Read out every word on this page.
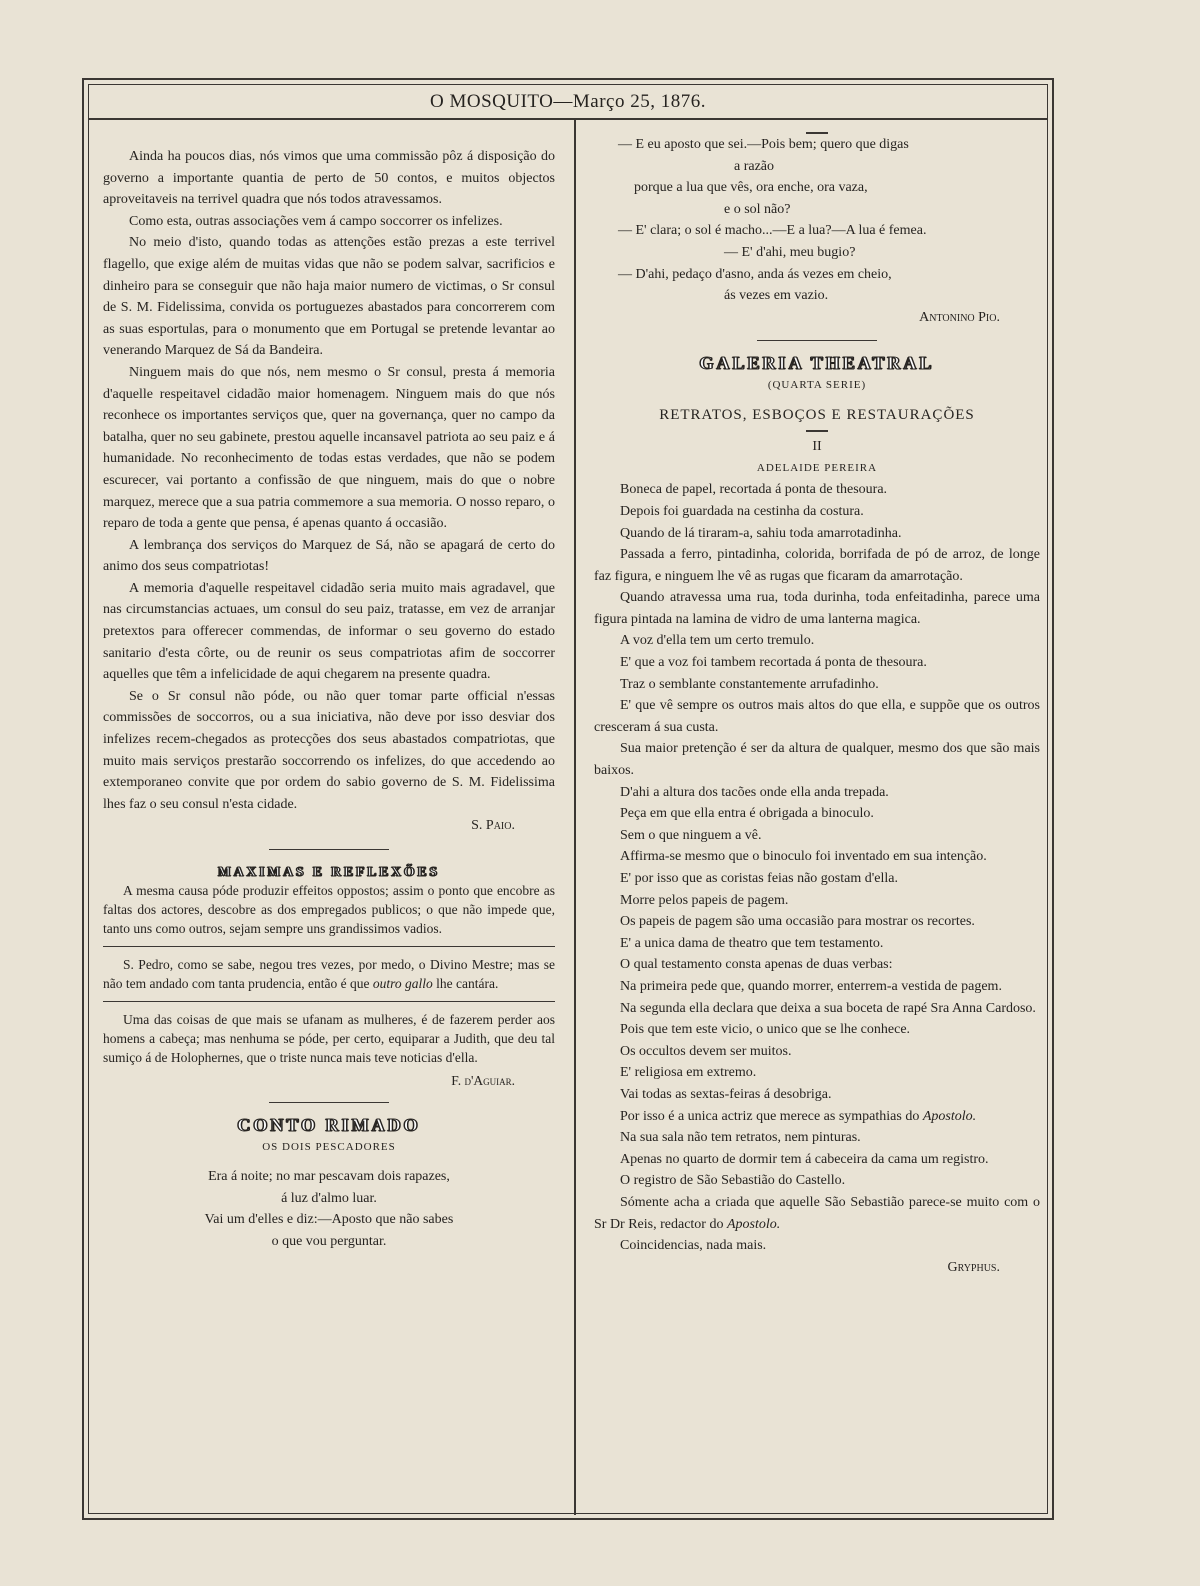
O MOSQUITO—Março 25, 1876.

Ainda ha poucos dias, nós vimos que uma commissão pôz á disposição do governo a importante quantia de perto de 50 contos, e muitos objectos aproveitaveis na terrivel quadra que nós todos atravessamos.

Como esta, outras associações vem á campo soccorrer os infelizes.

No meio d'isto, quando todas as attenções estão prezas a este terrivel flagello, que exige além de muitas vidas que não se podem salvar, sacrificios e dinheiro para se conseguir que não haja maior numero de victimas, o Sr consul de S. M. Fidelissima, convida os portuguezes abastados para concorrerem com as suas esportulas, para o monumento que em Portugal se pretende levantar ao venerando Marquez de Sá da Bandeira.

Ninguem mais do que nós, nem mesmo o Sr consul, presta á memoria d'aquelle respeitavel cidadão maior homenagem. Ninguem mais do que nós reconhece os importantes serviços que, quer na governança, quer no campo da batalha, quer no seu gabinete, prestou aquelle incansavel patriota ao seu paiz e á humanidade. No reconhecimento de todas estas verdades, que não se podem escurecer, vai portanto a confissão de que ninguem, mais do que o nobre marquez, merece que a sua patria commemore a sua memoria. O nosso reparo, o reparo de toda a gente que pensa, é apenas quanto á occasião.

A lembrança dos serviços do Marquez de Sá, não se apagará de certo do animo dos seus compatriotas!

A memoria d'aquelle respeitavel cidadão seria muito mais agradavel, que nas circumstancias actuaes, um consul do seu paiz, tratasse, em vez de arranjar pretextos para offerecer commendas, de informar o seu governo do estado sanitario d'esta côrte, ou de reunir os seus compatriotas afim de soccorrer aquelles que têm a infelicidade de aqui chegarem na presente quadra.

Se o Sr consul não póde, ou não quer tomar parte official n'essas commissões de soccorros, ou a sua iniciativa, não deve por isso desviar dos infelizes recem-chegados as protecções dos seus abastados compatriotas, que muito mais serviços prestarão soccorrendo os infelizes, do que accedendo ao extemporaneo convite que por ordem do sabio governo de S. M. Fidelissima lhes faz o seu consul n'esta cidade.

S. Paio.

MAXIMAS E REFLEXÕES

A mesma causa póde produzir effeitos oppostos; assim o ponto que encobre as faltas dos actores, descobre as dos empregados publicos; o que não impede que, tanto uns como outros, sejam sempre uns grandissimos vadios.

S. Pedro, como se sabe, negou tres vezes, por medo, o Divino Mestre; mas se não tem andado com tanta prudencia, então é que outro gallo lhe cantára.

Uma das coisas de que mais se ufanam as mulheres, é de fazerem perder aos homens a cabeça; mas nenhuma se póde, per certo, equiparar a Judith, que deu tal sumiço á de Holophernes, que o triste nunca mais teve noticias d'ella.

F. d'Aguiar.

CONTO RIMADO

OS DOIS PESCADORES

Era á noite; no mar pescavam dois rapazes,

á luz d'almo luar.

Vai um d'elles e diz:—Aposto que não sabes

o que vou perguntar.

— E eu aposto que sei.—Pois bem; quero que digas

a razão

porque a lua que vês, ora enche, ora vaza,

e o sol não?

— E' clara; o sol é macho...—E a lua?—A lua é femea.

— E' d'ahi, meu bugio?

— D'ahi, pedaço d'asno, anda ás vezes em cheio,

ás vezes em vazio.

Antonino Pio.

GALERIA THEATRAL

(QUARTA SERIE)

RETRATOS, ESBOÇOS E RESTAURAÇÕES

II

ADELAIDE PEREIRA

Boneca de papel, recortada á ponta de thesoura.

Depois foi guardada na cestinha da costura.

Quando de lá tiraram-a, sahiu toda amarrotadinha.

Passada a ferro, pintadinha, colorida, borrifada de pó de arroz, de longe faz figura, e ninguem lhe vê as rugas que ficaram da amarrotação.

Quando atravessa uma rua, toda durinha, toda enfeitadinha, parece uma figura pintada na lamina de vidro de uma lanterna magica.

A voz d'ella tem um certo tremulo.

E' que a voz foi tambem recortada á ponta de thesoura.

Traz o semblante constantemente arrufadinho.

E' que vê sempre os outros mais altos do que ella, e suppõe que os outros cresceram á sua custa.

Sua maior pretenção é ser da altura de qualquer, mesmo dos que são mais baixos.

D'ahi a altura dos tacões onde ella anda trepada.

Peça em que ella entra é obrigada a binoculo.

Sem o que ninguem a vê.

Affirma-se mesmo que o binoculo foi inventado em sua intenção.

E' por isso que as coristas feias não gostam d'ella.

Morre pelos papeis de pagem.

Os papeis de pagem são uma occasião para mostrar os recortes.

E' a unica dama de theatro que tem testamento.

O qual testamento consta apenas de duas verbas:

Na primeira pede que, quando morrer, enterrem-a vestida de pagem.

Na segunda ella declara que deixa a sua boceta de rapé Sra Anna Cardoso.

Pois que tem este vicio, o unico que se lhe conhece.

Os occultos devem ser muitos.

E' religiosa em extremo.

Vai todas as sextas-feiras á desobriga.

Por isso é a unica actriz que merece as sympathias do Apostolo.

Na sua sala não tem retratos, nem pinturas.

Apenas no quarto de dormir tem á cabeceira da cama um registro.

O registro de São Sebastião do Castello.

Sómente acha a criada que aquelle São Sebastião parece-se muito com o Sr Dr Reis, redactor do Apostolo.

Coincidencias, nada mais.

Gryphus.
